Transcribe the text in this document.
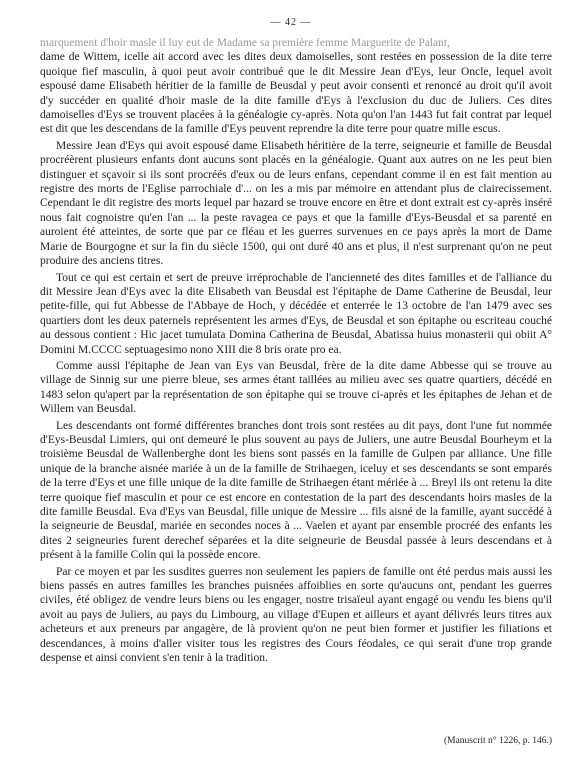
— 42 —

marquement d'hoir masle il luy eut de Madame sa première femme Marguerite de Palant,

dame de Wittem, icelle ait accord avec les dites deux damoiselles, sont restées en possession de la dite terre quoique fief masculin, à quoi peut avoir contribué que le dit Messire Jean d'Eys, leur Oncle, lequel avoit espousé dame Elisabeth héritier de la famille de Beusdal y peut avoir consenti et renoncé au droit qu'il avoit d'y succéder en qualité d'hoir masle de la dite famille d'Eys à l'exclusion du duc de Juliers. Ces dites damoiselles d'Eys se trouvent placées à la généalogie cy-après. Nota qu'on l'an 1443 fut fait contrat par lequel est dit que les descendans de la famille d'Eys peuvent reprendre la dite terre pour quatre mille escus.

Messire Jean d'Eys qui avoit espousé dame Elisabeth héritière de la terre, seigneurie et famille de Beusdal procréèrent plusieurs enfants dont aucuns sont placés en la généalogie. Quant aux autres on ne les peut bien distinguer et sçavoir si ils sont procréés d'eux ou de leurs enfans, cependant comme il en est fait mention au registre des morts de l'Eglise parrochiale d'... on les a mis par mémoire en attendant plus de clairecissement. Cependant le dit registre des morts lequel par hazard se trouve encore en être et dont extrait est cy-après inséré nous fait cognoistre qu'en l'an ... la peste ravagea ce pays et que la famille d'Eys-Beusdal et sa parenté en auroient été atteintes, de sorte que par ce fléau et les guerres survenues en ce pays après la mort de Dame Marie de Bourgogne et sur la fin du siècle 1500, qui ont duré 40 ans et plus, il n'est surprenant qu'on ne peut produire des anciens titres.

Tout ce qui est certain et sert de preuve irréprochable de l'ancienneté des dites familles et de l'alliance du dit Messire Jean d'Eys avec la dite Elisabeth van Beusdal est l'épitaphe de Dame Catherine de Beusdal, leur petite-fille, qui fut Abbesse de l'Abbaye de Hoch, y décédée et enterrée le 13 octobre de l'an 1479 avec ses quartiers dont les deux paternels représentent les armes d'Eys, de Beusdal et son épitaphe ou escriteau couché au dessous contient : Hic jacet tumulata Domina Catherina de Beusdal, Abatissa huius monasterii qui obiit A° Domini M.CCCC septuagesimo nono XIII die 8 bris orate pro ea.

Comme aussi l'épitaphe de Jean van Eys van Beusdal, frère de la dite dame Abbesse qui se trouve au village de Sinnig sur une pierre bleue, ses armes étant taillées au milieu avec ses quatre quartiers, décédé en 1483 selon qu'apert par la représentation de son épitaphe qui se trouve ci-après et les épitaphes de Jehan et de Willem van Beusdal.

Les descendants ont formé différentes branches dont trois sont restées au dit pays, dont l'une fut nommée d'Eys-Beusdal Limiers, qui ont demeuré le plus souvent au pays de Juliers, une autre Beusdal Bourheym et la troisième Beusdal de Wallenberghe dont les biens sont passés en la famille de Gulpen par alliance. Une fille unique de la branche aisnée mariée à un de la famille de Strihaegen, iceluy et ses descendants se sont emparés de la terre d'Eys et une fille unique de la dite famille de Strihaegen étant mériée à ... Breyl ils ont retenu la dite terre quoique fief masculin et pour ce est encore en contestation de la part des descendants hoirs masles de la dite famille Beusdal. Eva d'Eys van Beusdal, fille unique de Messire ... fils aisné de la famille, ayant succédé à la seigneurie de Beusdal, mariée en secondes noces à ... Vaelen et ayant par ensemble procréé des enfants les dites 2 seigneuries furent derechef séparées et la dite seigneurie de Beusdal passée à leurs descendans et à présent à la famille Colin qui la possède encore.

Par ce moyen et par les susdites guerres non seulement les papiers de famille ont été perdus mais aussi les biens passés en autres familles les branches puisnées affoiblies en sorte qu'aucuns ont, pendant les guerres civiles, été obligez de vendre leurs biens ou les engager, nostre trisaïeul ayant engagé ou vendu les biens qu'il avoit au pays de Juliers, au pays du Limbourg, au village d'Eupen et ailleurs et ayant délivrés leurs titres aux acheteurs et aux preneurs par angagère, de là provient qu'on ne peut bien former et justifier les filiations et descendances, à moins d'aller visiter tous les registres des Cours féodales, ce qui serait d'une trop grande despense et ainsi convient s'en tenir à la tradition.

(Manuscrit n° 1226, p. 146.)
